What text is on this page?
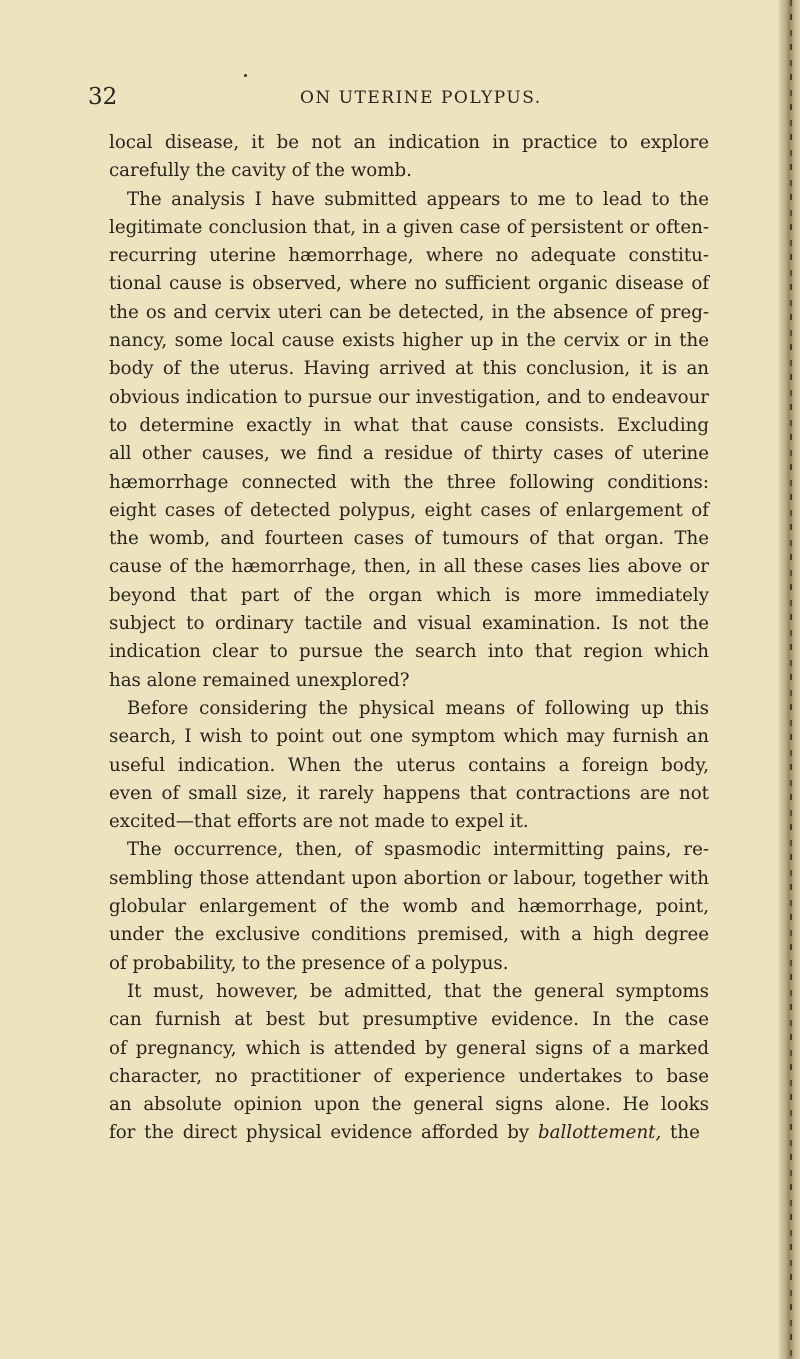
32	ON UTERINE POLYPUS.
local disease, it be not an indication in practice to explore
carefully the cavity of the womb.
The analysis I have submitted appears to me to lead to the
legitimate conclusion that, in a given case of persistent or often-
recurring uterine hæmorrhage, where no adequate constitu-
tional cause is observed, where no sufficient organic disease of
the os and cervix uteri can be detected, in the absence of preg-
nancy, some local cause exists higher up in the cervix or in the
body of the uterus. Having arrived at this conclusion, it is an
obvious indication to pursue our investigation, and to endeavour
to determine exactly in what that cause consists. Excluding
all other causes, we find a residue of thirty cases of uterine
hæmorrhage connected with the three following conditions:
eight cases of detected polypus, eight cases of enlargement of
the womb, and fourteen cases of tumours of that organ. The
cause of the hæmorrhage, then, in all these cases lies above or
beyond that part of the organ which is more immediately
subject to ordinary tactile and visual examination. Is not the
indication clear to pursue the search into that region which
has alone remained unexplored?
Before considering the physical means of following up this
search, I wish to point out one symptom which may furnish an
useful indication. When the uterus contains a foreign body,
even of small size, it rarely happens that contractions are not
excited—that efforts are not made to expel it.
The occurrence, then, of spasmodic intermitting pains, re-
sembling those attendant upon abortion or labour, together with
globular enlargement of the womb and hæmorrhage, point,
under the exclusive conditions premised, with a high degree
of probability, to the presence of a polypus.
It must, however, be admitted, that the general symptoms
can furnish at best but presumptive evidence. In the case
of pregnancy, which is attended by general signs of a marked
character, no practitioner of experience undertakes to base
an absolute opinion upon the general signs alone. He looks
for the direct physical evidence afforded by ballottement, the
